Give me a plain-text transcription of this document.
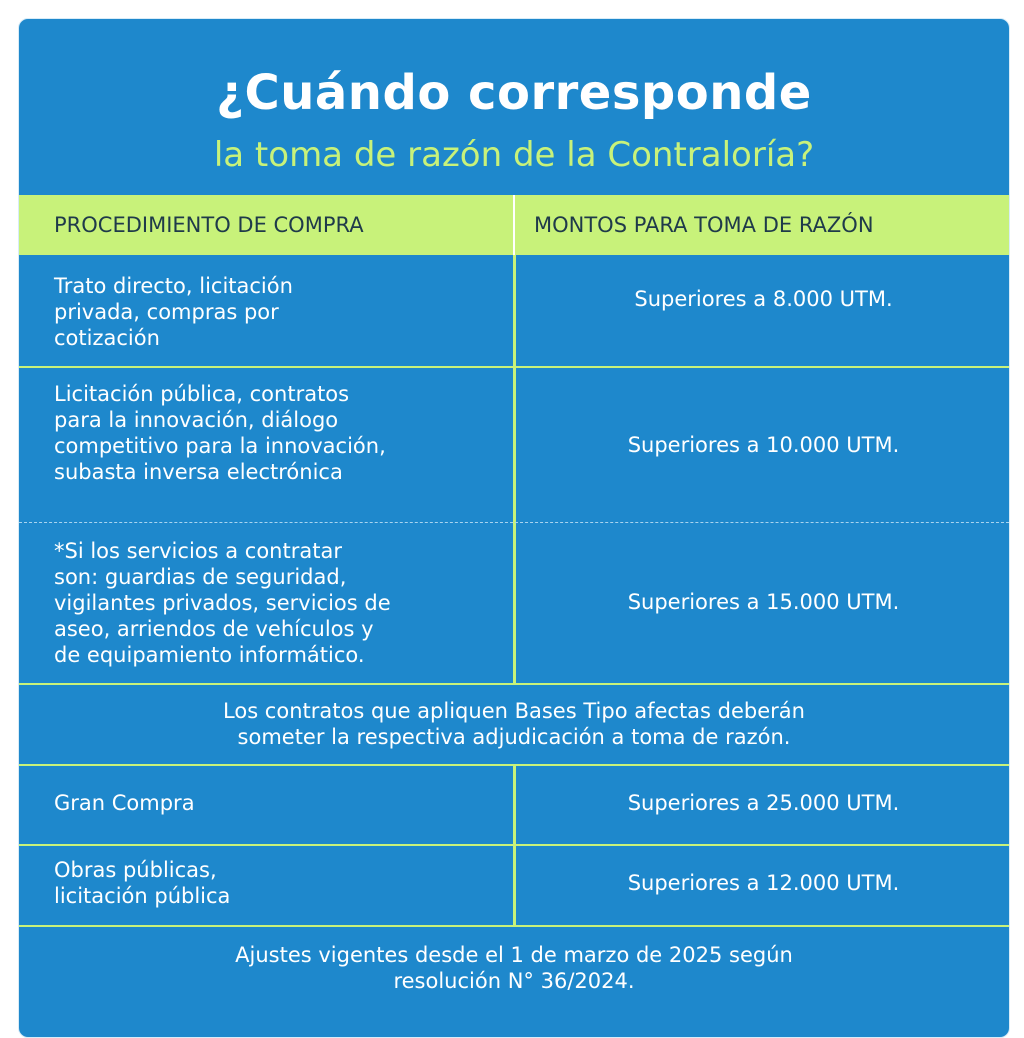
¿Cuándo corresponde
la toma de razón de la Contraloría?
PROCEDIMIENTO DE COMPRA	MONTOS PARA TOMA DE RAZÓN
Trato directo, licitación
privada, compras por
cotización
Superiores a 8.000 UTM.
Licitación pública, contratos
para la innovación, diálogo
competitivo para la innovación,
subasta inversa electrónica
Superiores a 10.000 UTM.
*Si los servicios a contratar
son: guardias de seguridad,
vigilantes privados, servicios de
aseo, arriendos de vehículos y
de equipamiento informático.
Superiores a 15.000 UTM.
Los contratos que apliquen Bases Tipo afectas deberán
someter la respectiva adjudicación a toma de razón.
Gran Compra	Superiores a 25.000 UTM.
Obras públicas,
licitación pública
Superiores a 12.000 UTM.
Ajustes vigentes desde el 1 de marzo de 2025 según
resolución N° 36/2024.
